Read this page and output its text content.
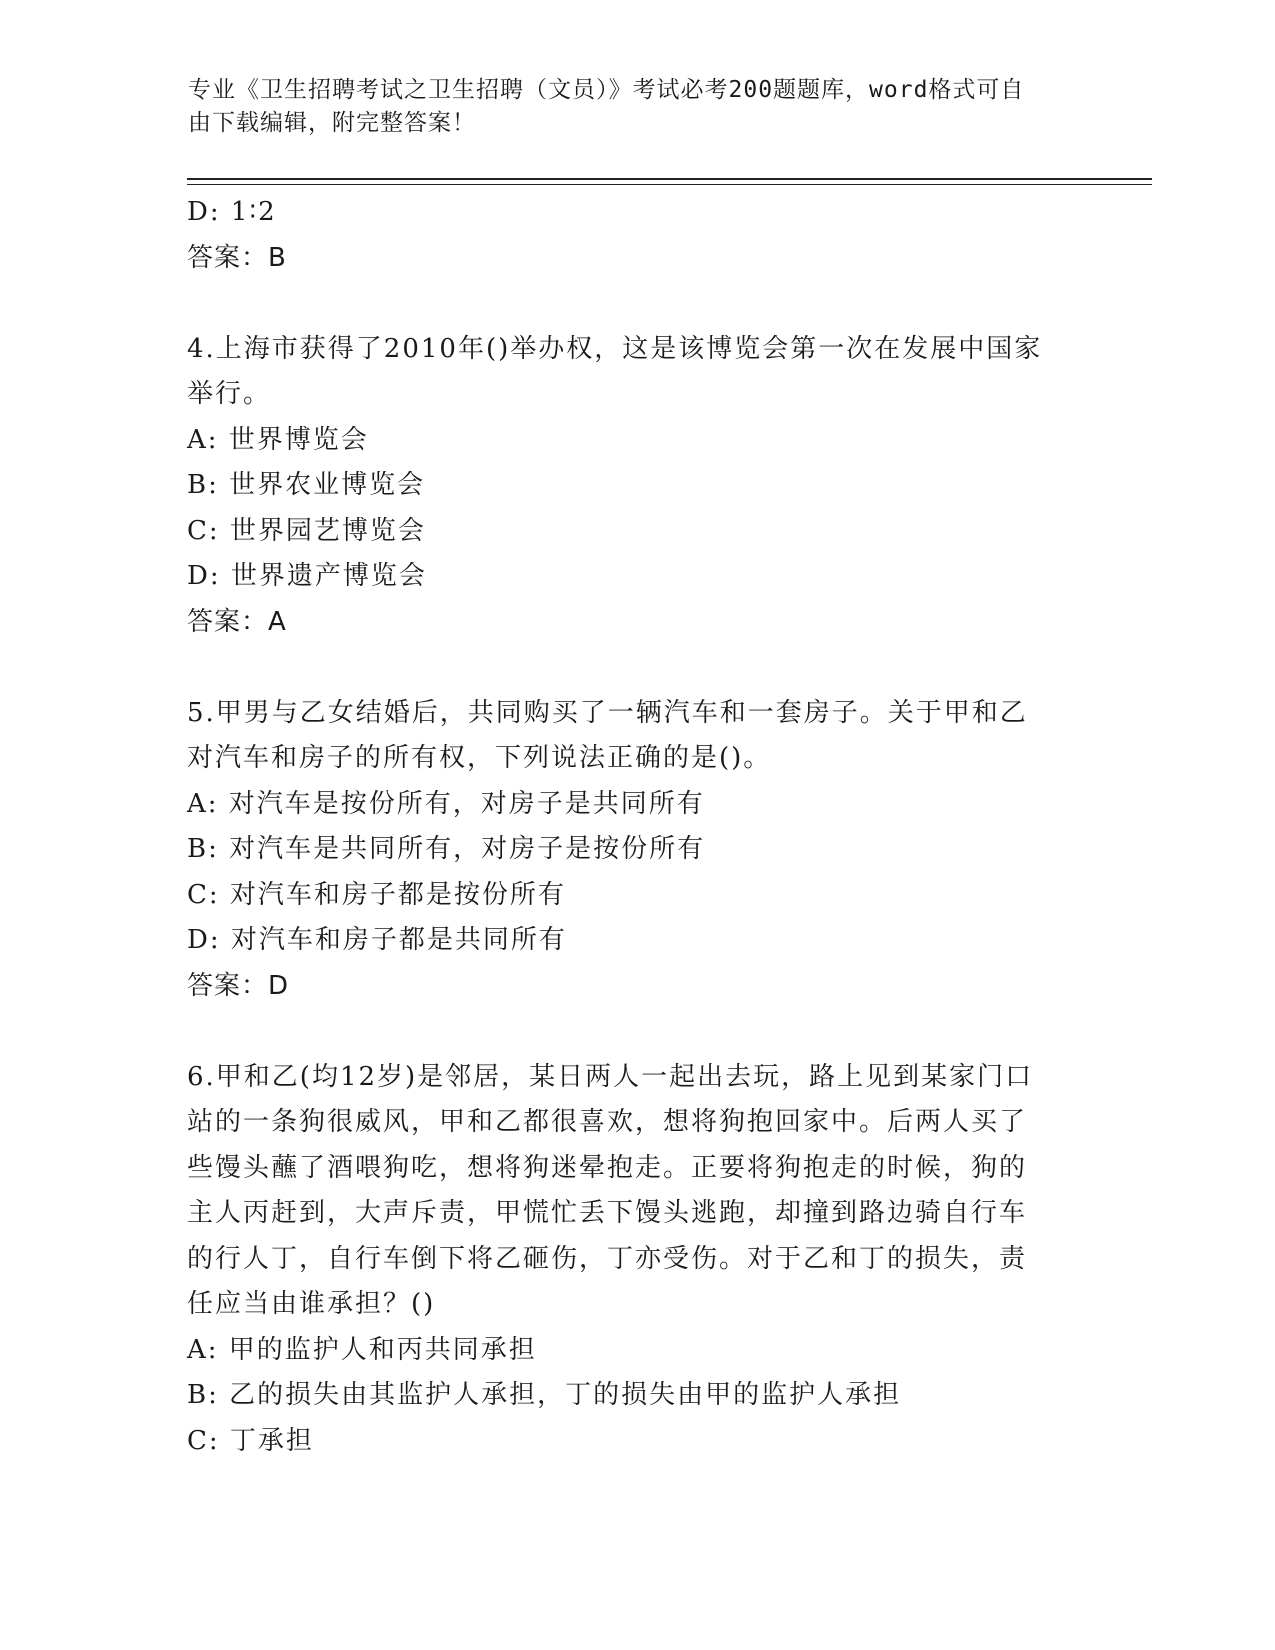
专业《卫生招聘考试之卫生招聘（文员）》考试必考200题题库，word格式可自
由下载编辑，附完整答案！
D: 1∶2
答案：B
4.上海市获得了2010年()举办权，这是该博览会第一次在发展中国家
举行。
A: 世界博览会
B: 世界农业博览会
C: 世界园艺博览会
D: 世界遗产博览会
答案：A
5.甲男与乙女结婚后，共同购买了一辆汽车和一套房子。关于甲和乙
对汽车和房子的所有权，下列说法正确的是()。
A: 对汽车是按份所有，对房子是共同所有
B: 对汽车是共同所有，对房子是按份所有
C: 对汽车和房子都是按份所有
D: 对汽车和房子都是共同所有
答案：D
6.甲和乙(均12岁)是邻居，某日两人一起出去玩，路上见到某家门口
站的一条狗很威风，甲和乙都很喜欢，想将狗抱回家中。后两人买了
些馒头蘸了酒喂狗吃，想将狗迷晕抱走。正要将狗抱走的时候，狗的
主人丙赶到，大声斥责，甲慌忙丢下馒头逃跑，却撞到路边骑自行车
的行人丁，自行车倒下将乙砸伤，丁亦受伤。对于乙和丁的损失，责
任应当由谁承担？()
A: 甲的监护人和丙共同承担
B: 乙的损失由其监护人承担，丁的损失由甲的监护人承担
C: 丁承担
